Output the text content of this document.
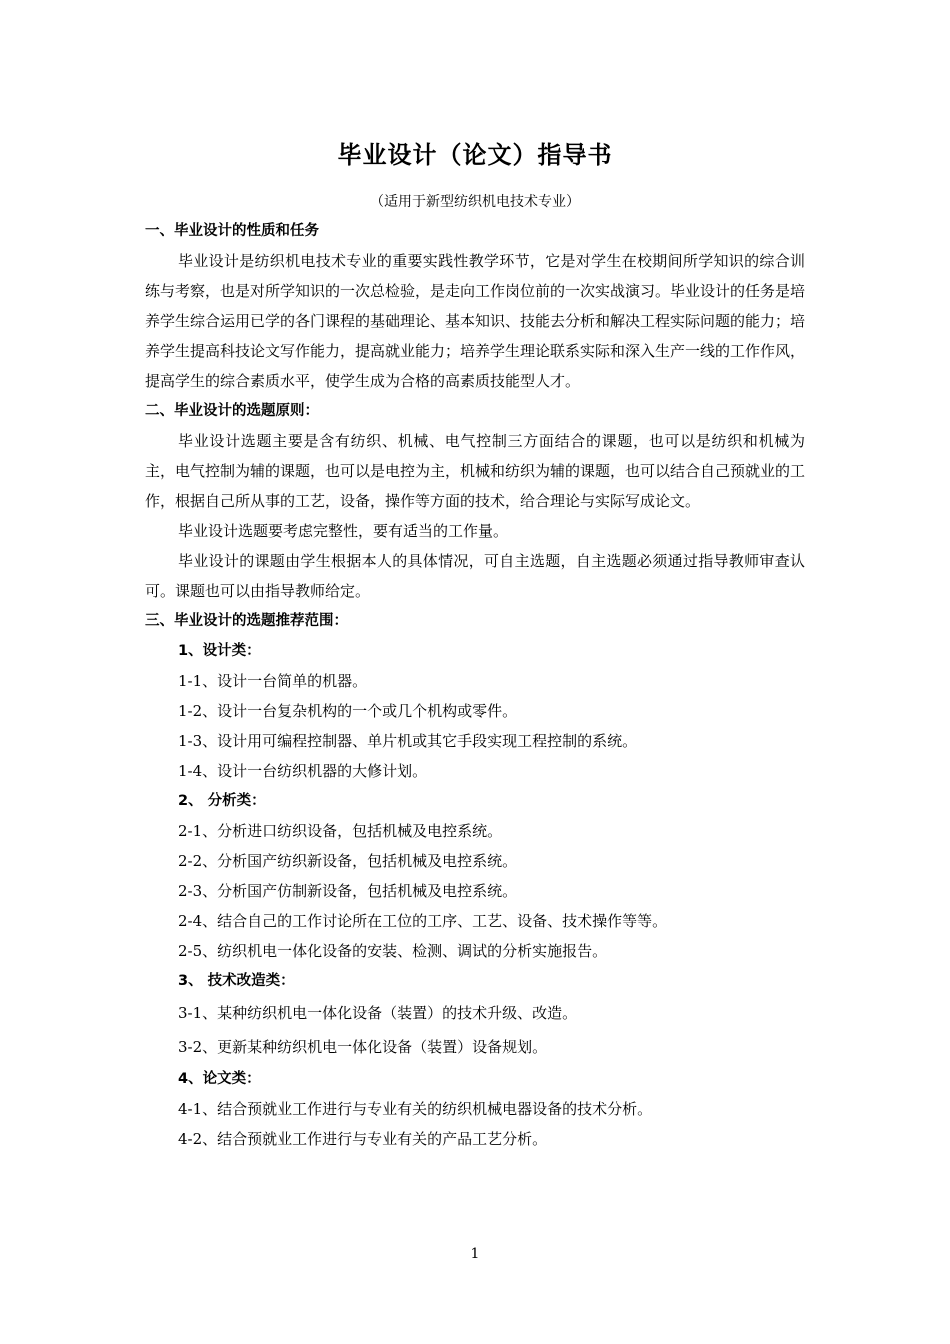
毕业设计（论文）指导书
（适用于新型纺织机电技术专业）

一、毕业设计的性质和任务

毕业设计是纺织机电技术专业的重要实践性教学环节，它是对学生在校期间所学知识的综合训练与考察，也是对所学知识的一次总检验，是走向工作岗位前的一次实战演习。毕业设计的任务是培养学生综合运用已学的各门课程的基础理论、基本知识、技能去分析和解决工程实际问题的能力；培养学生提高科技论文写作能力，提高就业能力；培养学生理论联系实际和深入生产一线的工作作风，提高学生的综合素质水平，使学生成为合格的高素质技能型人才。

二、毕业设计的选题原则：

毕业设计选题主要是含有纺织、机械、电气控制三方面结合的课题，也可以是纺织和机械为主，电气控制为辅的课题，也可以是电控为主，机械和纺织为辅的课题，也可以结合自己预就业的工作，根据自己所从事的工艺，设备，操作等方面的技术，给合理论与实际写成论文。

毕业设计选题要考虑完整性，要有适当的工作量。

毕业设计的课题由学生根据本人的具体情况，可自主选题，自主选题必须通过指导教师审查认可。课题也可以由指导教师给定。

三、毕业设计的选题推荐范围：

1、设计类：

1-1、设计一台简单的机器。

1-2、设计一台复杂机构的一个或几个机构或零件。

1-3、设计用可编程控制器、单片机或其它手段实现工程控制的系统。

1-4、设计一台纺织机器的大修计划。

2、 分析类：

2-1、分析进口纺织设备，包括机械及电控系统。

2-2、分析国产纺织新设备，包括机械及电控系统。

2-3、分析国产仿制新设备，包括机械及电控系统。

2-4、结合自己的工作讨论所在工位的工序、工艺、设备、技术操作等等。

2-5、纺织机电一体化设备的安装、检测、调试的分析实施报告。

3、 技术改造类：

3-1、某种纺织机电一体化设备（装置）的技术升级、改造。

3-2、更新某种纺织机电一体化设备（装置）设备规划。

4、论文类：

4-1、结合预就业工作进行与专业有关的纺织机械电器设备的技术分析。

4-2、结合预就业工作进行与专业有关的产品工艺分析。

1
